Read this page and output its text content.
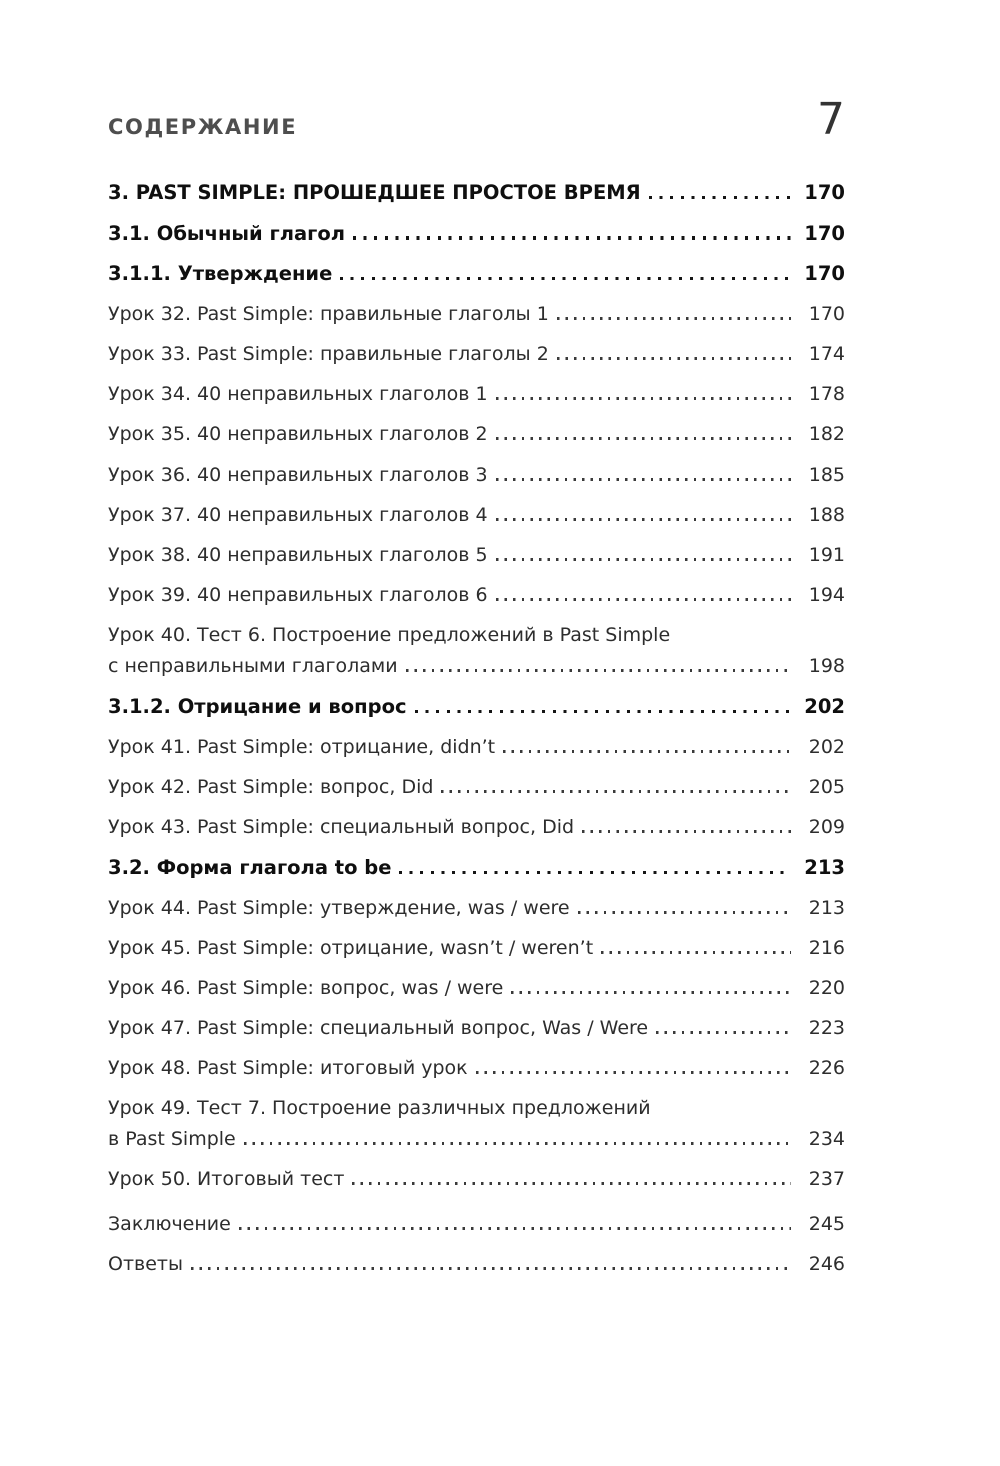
СОДЕРЖАНИЕ	7
3. PAST SIMPLE: ПРОШЕДШЕЕ ПРОСТОЕ ВРЕМЯ	170
3.1. Обычный глагол	170
3.1.1. Утверждение	170
Урок 32. Past Simple: правильные глаголы 1	170
Урок 33. Past Simple: правильные глаголы 2	174
Урок 34. 40 неправильных глаголов 1	178
Урок 35. 40 неправильных глаголов 2	182
Урок 36. 40 неправильных глаголов 3	185
Урок 37. 40 неправильных глаголов 4	188
Урок 38. 40 неправильных глаголов 5	191
Урок 39. 40 неправильных глаголов 6	194
Урок 40. Тест 6. Построение предложений в Past Simple
с неправильными глаголами	198
3.1.2. Отрицание и вопрос	202
Урок 41. Past Simple: отрицание, didn’t	202
Урок 42. Past Simple: вопрос, Did	205
Урок 43. Past Simple: специальный вопрос, Did	209
3.2. Форма глагола to be	213
Урок 44. Past Simple: утверждение, was / were	213
Урок 45. Past Simple: отрицание, wasn’t / weren’t	216
Урок 46. Past Simple: вопрос, was / were	220
Урок 47. Past Simple: специальный вопрос, Was / Were	223
Урок 48. Past Simple: итоговый урок	226
Урок 49. Тест 7. Построение различных предложений
в Past Simple	234
Урок 50. Итоговый тест	237
Заключение	245
Ответы	246
